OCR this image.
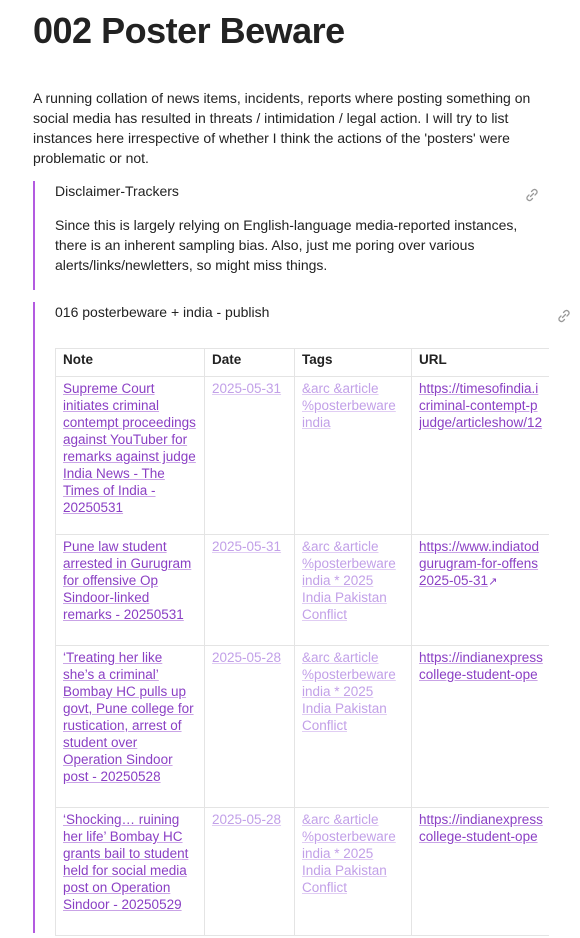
002 Poster Beware

A running collation of news items, incidents, reports where posting something on social media has resulted in threats / intimidation / legal action. I will try to list instances here irrespective of whether I think the actions of the 'posters' were problematic or not.

Disclaimer-Trackers

Since this is largely relying on English-language media-reported instances, there is an inherent sampling bias. Also, just me poring over various alerts/links/newletters, so might miss things.

016 posterbeware + india - publish
Note	Date	Tags	URL
Supreme Court initiates criminal contempt proceedings against YouTuber for remarks against judge India News - The Times of India - 20250531	2025-05-31	&arc &article %posterbeware india	https://timesofindia.i
criminal-contempt-p
judge/articleshow/12

Pune law student arrested in Gurugram for offensive Op Sindoor-linked remarks - 20250531	2025-05-31	&arc &article %posterbeware india * 2025 India Pakistan Conflict	https://www.indiatod
gurugram-for-offens
2025-05-31↗
‘Treating her like she’s a criminal’ Bombay HC pulls up govt, Pune college for rustication, arrest of student over Operation Sindoor post - 20250528	2025-05-28	&arc &article %posterbeware india * 2025 India Pakistan Conflict	https://indianexpress
college-student-ope

‘Shocking… ruining her life’ Bombay HC grants bail to student held for social media post on Operation Sindoor - 20250529	2025-05-28	&arc &article %posterbeware india * 2025 India Pakistan Conflict	https://indianexpress
college-student-ope
